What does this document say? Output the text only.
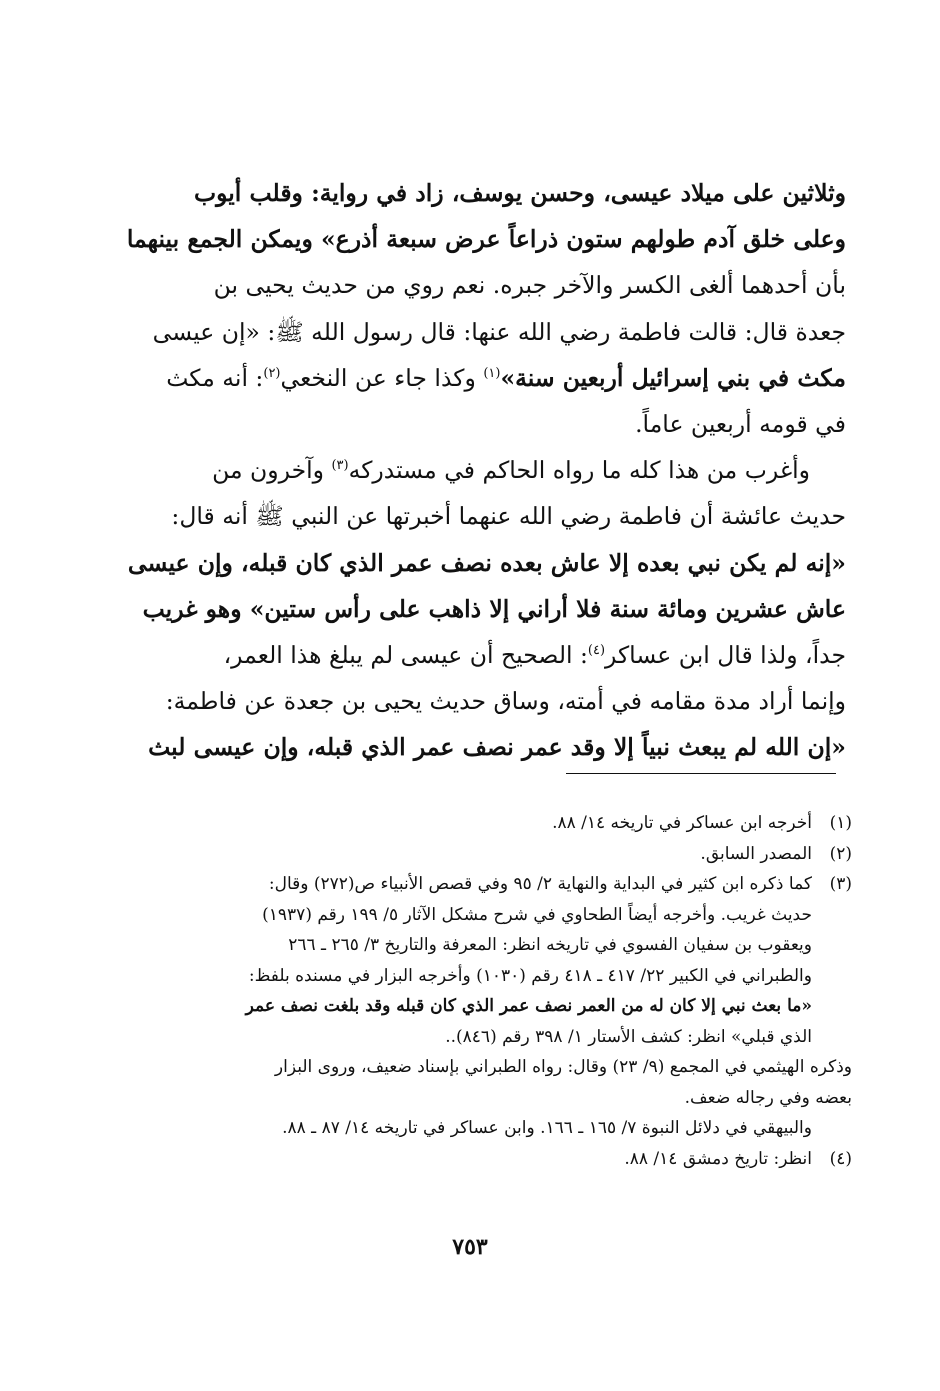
وثلاثين على ميلاد عيسى، وحسن يوسف، زاد في رواية: وقلب أيوب
وعلى خلق آدم طولهم ستون ذراعاً عرض سبعة أذرع» ويمكن الجمع بينهما
بأن أحدهما ألغى الكسر والآخر جبره. نعم روي من حديث يحيى بن
جعدة قال: قالت فاطمة رضي الله عنها: قال رسول الله ﷺ: «إن عيسى
مكث في بني إسرائيل أربعين سنة»$^{(١)}$ وكذا جاء عن النخعي$^{(٢)}$: أنه مكث
في قومه أربعين عاماً.
وأغرب من هذا كله ما رواه الحاكم في مستدركه$^{(٣)}$ وآخرون من
حديث عائشة أن فاطمة رضي الله عنهما أخبرتها عن النبي ﷺ أنه قال:
«إنه لم يكن نبي بعده إلا عاش بعده نصف عمر الذي كان قبله، وإن عيسى
عاش عشرين ومائة سنة فلا أراني إلا ذاهب على رأس ستين» وهو غريب
جداً، ولذا قال ابن عساكر$^{(٤)}$: الصحيح أن عيسى لم يبلغ هذا العمر،
وإنما أراد مدة مقامه في أمته، وساق حديث يحيى بن جعدة عن فاطمة:
«إن الله لم يبعث نبياً إلا وقد عمر نصف عمر الذي قبله، وإن عيسى لبث
(١)
أخرجه ابن عساكر في تاريخه ١٤/ ٨٨.
(٢)
المصدر السابق.
(٣)
كما ذكره ابن كثير في البداية والنهاية ٢/ ٩٥ وفي قصص الأنبياء ص(٢٧٢) وقال:
حديث غريب. وأخرجه أيضاً الطحاوي في شرح مشكل الآثار ٥/ ١٩٩ رقم (١٩٣٧)
ويعقوب بن سفيان الفسوي في تاريخه انظر: المعرفة والتاريخ ٣/ ٢٦٥ ـ ٢٦٦
والطبراني في الكبير ٢٢/ ٤١٧ ـ ٤١٨ رقم (١٠٣٠) وأخرجه البزار في مسنده بلفظ:
«ما بعث نبي إلا كان له من العمر نصف عمر الذي كان قبله وقد بلغت نصف عمر
الذي قبلي» انظر: كشف الأستار ١/ ٣٩٨ رقم (٨٤٦)..
وذكره الهيثمي في المجمع (٩/ ٢٣) وقال: رواه الطبراني بإسناد ضعيف، وروى البزار
بعضه وفي رجاله ضعف.
والبيهقي في دلائل النبوة ٧/ ١٦٥ ـ ١٦٦. وابن عساكر في تاريخه ١٤/ ٨٧ ـ ٨٨.
(٤)
انظر: تاريخ دمشق ١٤/ ٨٨.
٧٥٣
